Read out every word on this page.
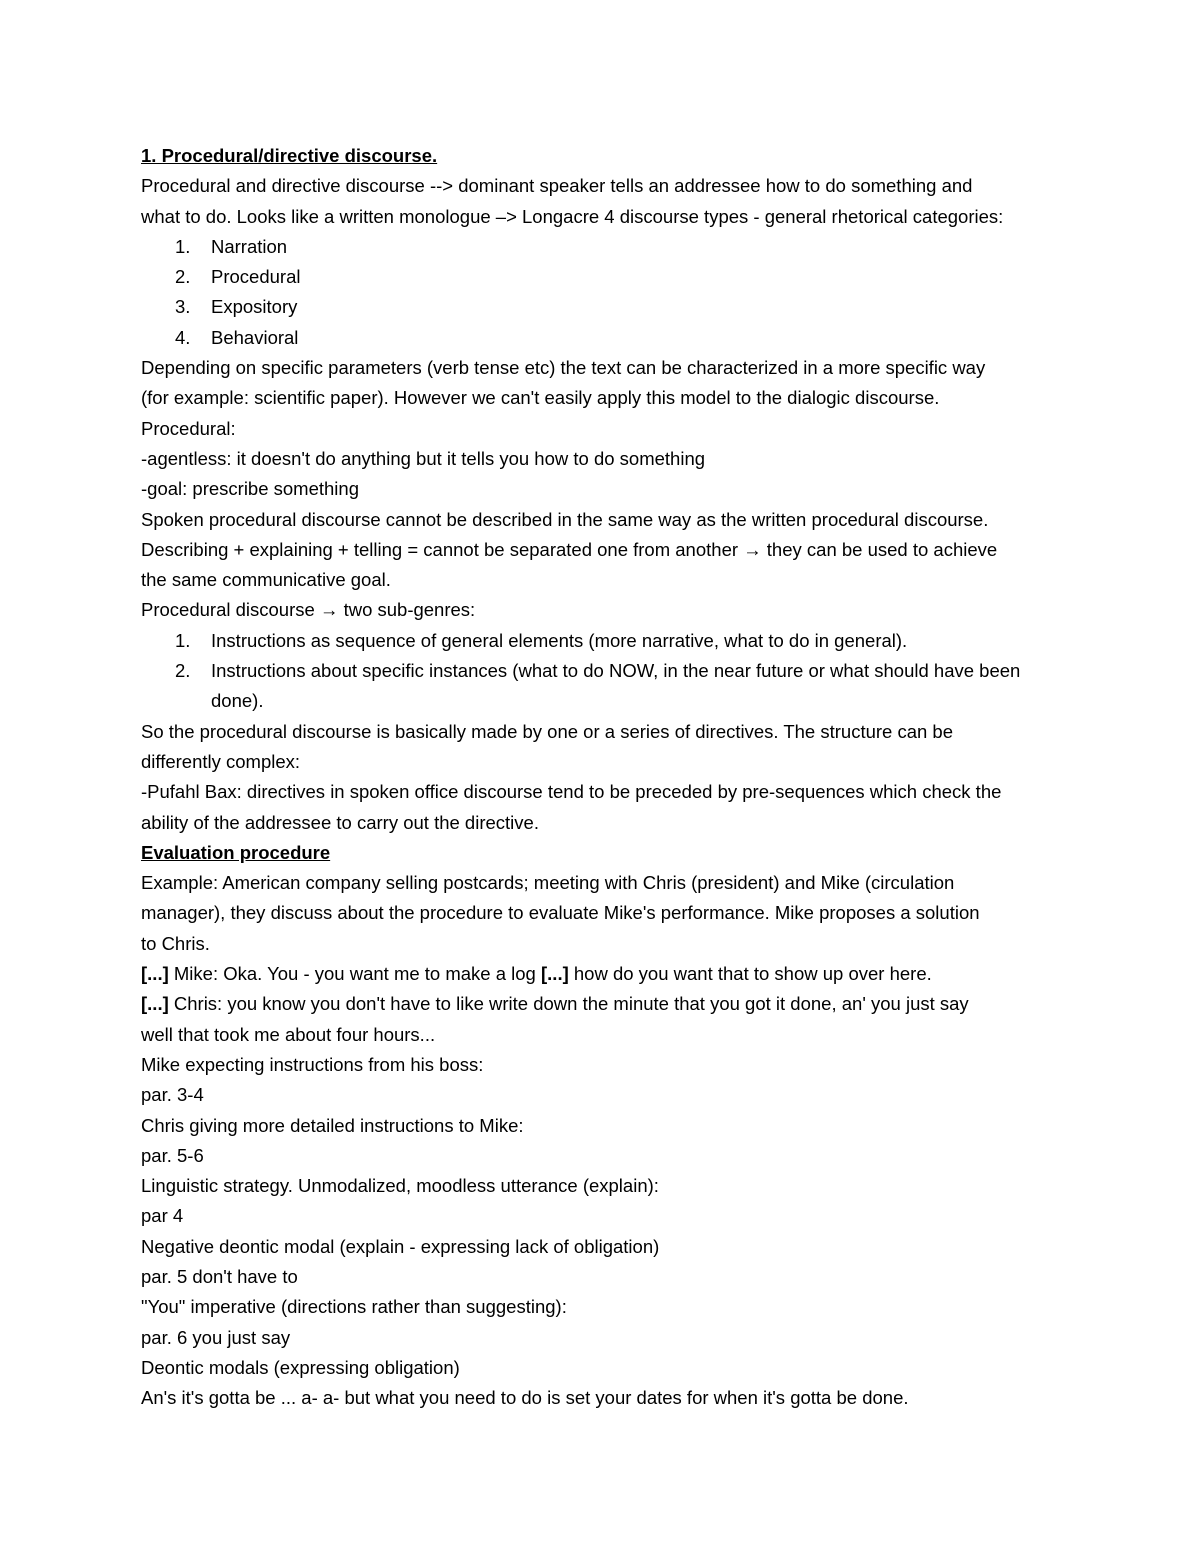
1. Procedural/directive discourse.

Procedural and directive discourse --> dominant speaker tells an addressee how to do something and

what to do. Looks like a written monologue –> Longacre 4 discourse types - general rhetorical categories:

1. Narration
2. Procedural
3. Expository
4. Behavioral

Depending on specific parameters (verb tense etc) the text can be characterized in a more specific way

(for example: scientific paper). However we can't easily apply this model to the dialogic discourse.

Procedural:

-agentless: it doesn't do anything but it tells you how to do something

-goal: prescribe something

Spoken procedural discourse cannot be described in the same way as the written procedural discourse.

Describing + explaining + telling = cannot be separated one from another → they can be used to achieve

the same communicative goal.

Procedural discourse → two sub-genres:

1. Instructions as sequence of general elements (more narrative, what to do in general).
2. Instructions about specific instances (what to do NOW, in the near future or what should have been done).

So the procedural discourse is basically made by one or a series of directives. The structure can be

differently complex:

-Pufahl Bax: directives in spoken office discourse tend to be preceded by pre-sequences which check the

ability of the addressee to carry out the directive.

Evaluation procedure

Example: American company selling postcards; meeting with Chris (president) and Mike (circulation

manager), they discuss about the procedure to evaluate Mike's performance. Mike proposes a solution

to Chris.

[...] Mike: Oka. You - you want me to make a log [...] how do you want that to show up over here.

[...] Chris: you know you don't have to like write down the minute that you got it done, an' you just say

well that took me about four hours...

Mike expecting instructions from his boss:

par. 3-4

Chris giving more detailed instructions to Mike:

par. 5-6

Linguistic strategy. Unmodalized, moodless utterance (explain):

par 4

Negative deontic modal (explain - expressing lack of obligation)

par. 5 don't have to

"You" imperative (directions rather than suggesting):

par. 6 you just say

Deontic modals (expressing obligation)

An's it's gotta be ... a- a- but what you need to do is set your dates for when it's gotta be done.
